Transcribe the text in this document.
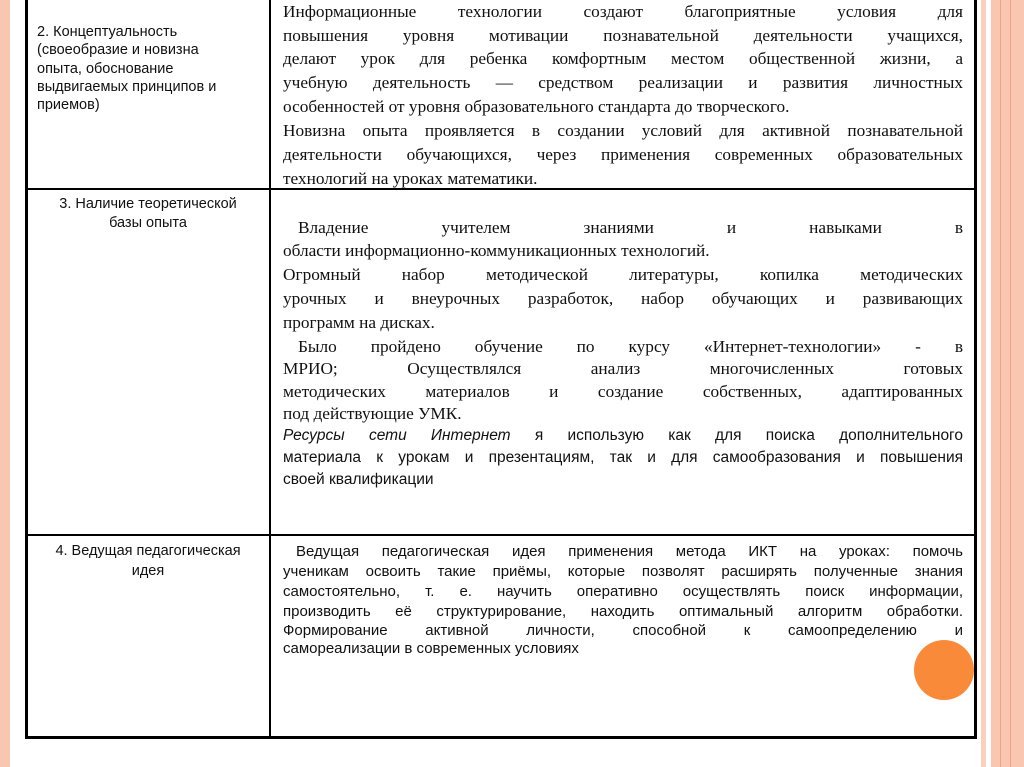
2. Концептуальность
(своеобразие и новизна
опыта, обоснование
выдвигаемых принципов и
приемов)
Информационные технологии создают благоприятные условия для
повышения уровня мотивации познавательной деятельности учащихся,
делают урок для ребенка комфортным местом общественной жизни, а
учебную деятельность — средством реализации и развития личностных
особенностей от уровня образовательного стандарта до творческого.
Новизна опыта проявляется в создании условий для активной познавательной
деятельности обучающихся, через применения современных образовательных
технологий на уроках математики.
3. Наличие теоретической
базы опыта	Владение учителем знаниями и навыками в
области информационно-коммуникационных технологий.
Огромный набор методической литературы, копилка методических
урочных и внеурочных разработок, набор обучающих и развивающих
программ на дисках.
Было пройдено обучение по курсу «Интернет-технологии» - в
МРИО; Осуществлялся анализ многочисленных готовых
методических материалов и создание собственных, адаптированных
под действующие УМК.
Ресурсы сети Интернет я использую как для поиска дополнительного
материала к урокам и презентациям, так и для самообразования и повышения
своей квалификации
4. Ведущая педагогическая
идея
Ведущая педагогическая идея применения метода ИКТ на уроках: помочь
ученикам освоить такие приёмы, которые позволят расширять полученные знания
самостоятельно, т. е. научить оперативно осуществлять поиск информации,
производить её структурирование, находить оптимальный алгоритм обработки.
Формирование активной личности, способной к самоопределению и
самореализации в современных условиях
